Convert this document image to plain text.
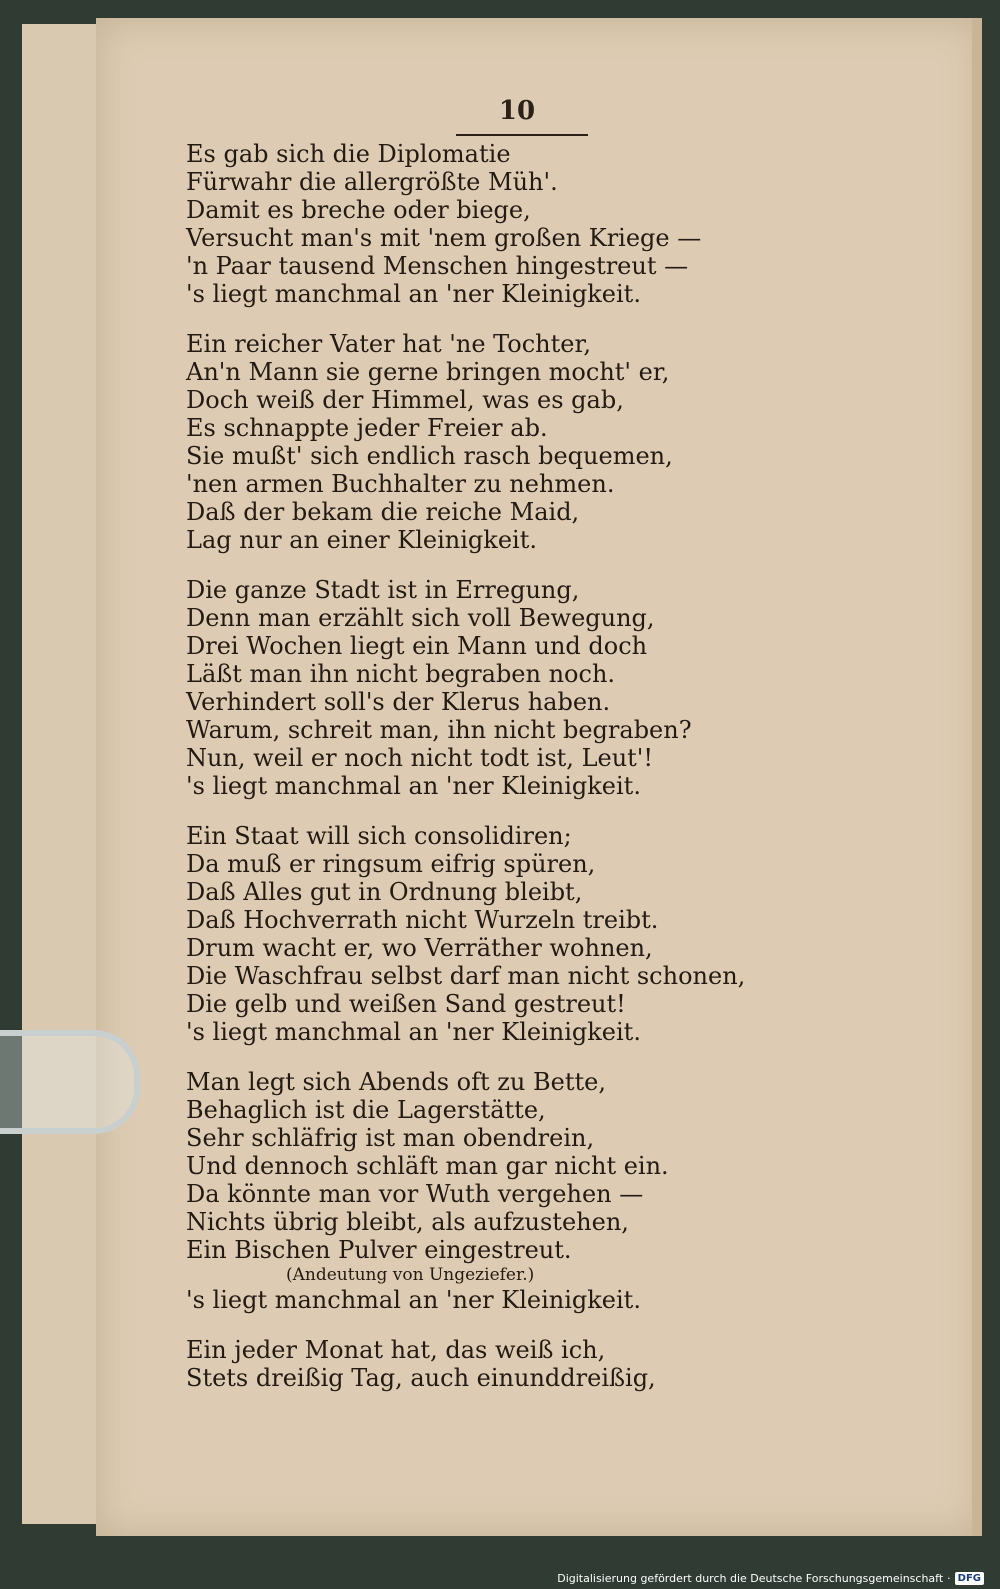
10
Es gab sich die Diplomatie
Fürwahr die allergrößte Müh'.
Damit es breche oder biege,
Versucht man's mit 'nem großen Kriege —
'n Paar tausend Menschen hingestreut —
's liegt manchmal an 'ner Kleinigkeit.
Ein reicher Vater hat 'ne Tochter,
An'n Mann sie gerne bringen mocht' er,
Doch weiß der Himmel, was es gab,
Es schnappte jeder Freier ab.
Sie mußt' sich endlich rasch bequemen,
'nen armen Buchhalter zu nehmen.
Daß der bekam die reiche Maid,
Lag nur an einer Kleinigkeit.
Die ganze Stadt ist in Erregung,
Denn man erzählt sich voll Bewegung,
Drei Wochen liegt ein Mann und doch
Läßt man ihn nicht begraben noch.
Verhindert soll's der Klerus haben.
Warum, schreit man, ihn nicht begraben?
Nun, weil er noch nicht todt ist, Leut'!
's liegt manchmal an 'ner Kleinigkeit.
Ein Staat will sich consolidiren;
Da muß er ringsum eifrig spüren,
Daß Alles gut in Ordnung bleibt,
Daß Hochverrath nicht Wurzeln treibt.
Drum wacht er, wo Verräther wohnen,
Die Waschfrau selbst darf man nicht schonen,
Die gelb und weißen Sand gestreut!
's liegt manchmal an 'ner Kleinigkeit.
Man legt sich Abends oft zu Bette,
Behaglich ist die Lagerstätte,
Sehr schläfrig ist man obendrein,
Und dennoch schläft man gar nicht ein.
Da könnte man vor Wuth vergehen —
Nichts übrig bleibt, als aufzustehen,
Ein Bischen Pulver eingestreut.
(Andeutung von Ungeziefer.)
's liegt manchmal an 'ner Kleinigkeit.
Ein jeder Monat hat, das weiß ich,
Stets dreißig Tag, auch einunddreißig,
Digitalisierung gefördert durch die Deutsche Forschungsgemeinschaft · DFG
